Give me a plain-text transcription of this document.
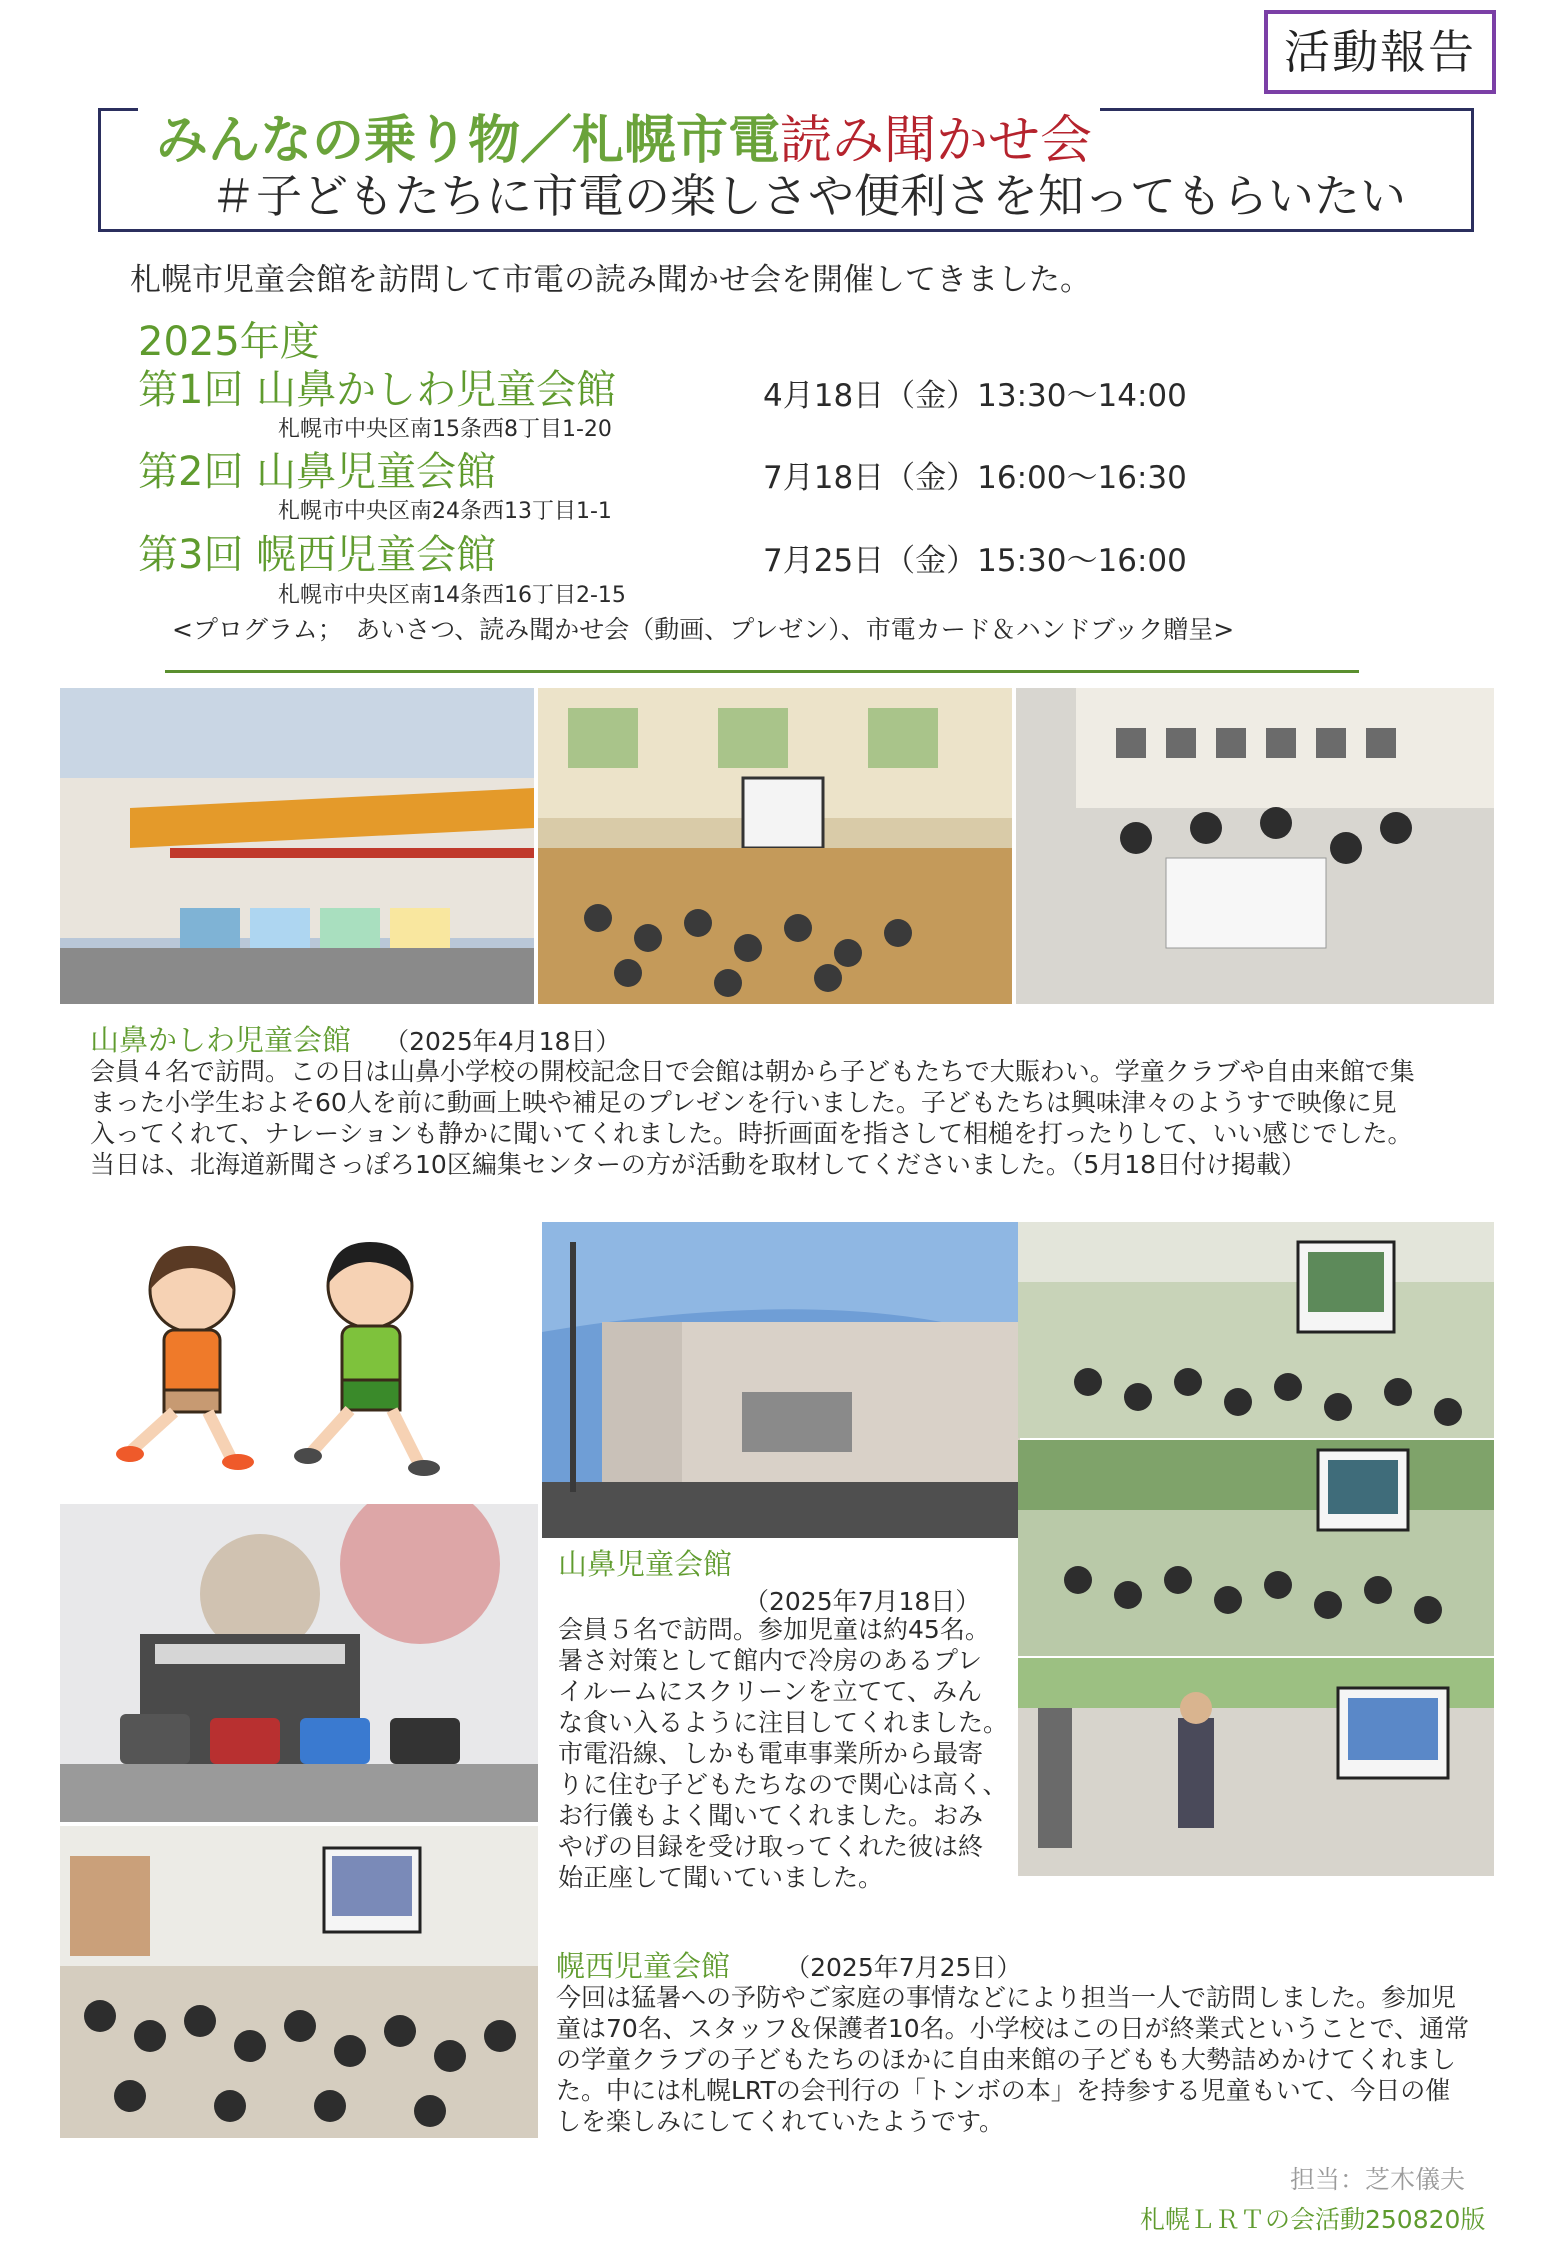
活動報告
みんなの乗り物／札幌市電読み聞かせ会
＃子どもたちに市電の楽しさや便利さを知ってもらいたい
札幌市児童会館を訪問して市電の読み聞かせ会を開催してきました。
2025年度
第1回 山鼻かしわ児童会館	4月18日（金）13:30～14:00
札幌市中央区南15条西8丁目1-20
第2回 山鼻児童会館	7月18日（金）16:00～16:30
札幌市中央区南24条西13丁目1-1
第3回 幌西児童会館	7月25日（金）15:30～16:00
札幌市中央区南14条西16丁目2-15
<プログラム；　あいさつ、読み聞かせ会（動画、プレゼン）、市電カード＆ハンドブック贈呈>
山鼻かしわ児童会館 （2025年4月18日）
会員４名で訪問。この日は山鼻小学校の開校記念日で会館は朝から子どもたちで大賑わい。学童クラブや自由来館で集
まった小学生およそ60人を前に動画上映や補足のプレゼンを行いました。子どもたちは興味津々のようすで映像に見
入ってくれて、ナレーションも静かに聞いてくれました。時折画面を指さして相槌を打ったりして、いい感じでした。
当日は、北海道新聞さっぽろ10区編集センターの方が活動を取材してくださいました。（5月18日付け掲載）
山鼻児童会館
（2025年7月18日）
会員５名で訪問。参加児童は約45名。
暑さ対策として館内で冷房のあるプレ
イルームにスクリーンを立てて、みん
な食い入るように注目してくれました。
市電沿線、しかも電車事業所から最寄
りに住む子どもたちなので関心は高く、
お行儀もよく聞いてくれました。おみ
やげの目録を受け取ってくれた彼は終
始正座して聞いていました。
幌西児童会館 （2025年7月25日）
今回は猛暑への予防やご家庭の事情などにより担当一人で訪問しました。参加児
童は70名、スタッフ＆保護者10名。小学校はこの日が終業式ということで、通常
の学童クラブの子どもたちのほかに自由来館の子どもも大勢詰めかけてくれまし
た。中には札幌LRTの会刊行の「トンボの本」を持参する児童もいて、今日の催
しを楽しみにしてくれていたようです。
担当：芝木儀夫
札幌ＬＲＴの会活動250820版
